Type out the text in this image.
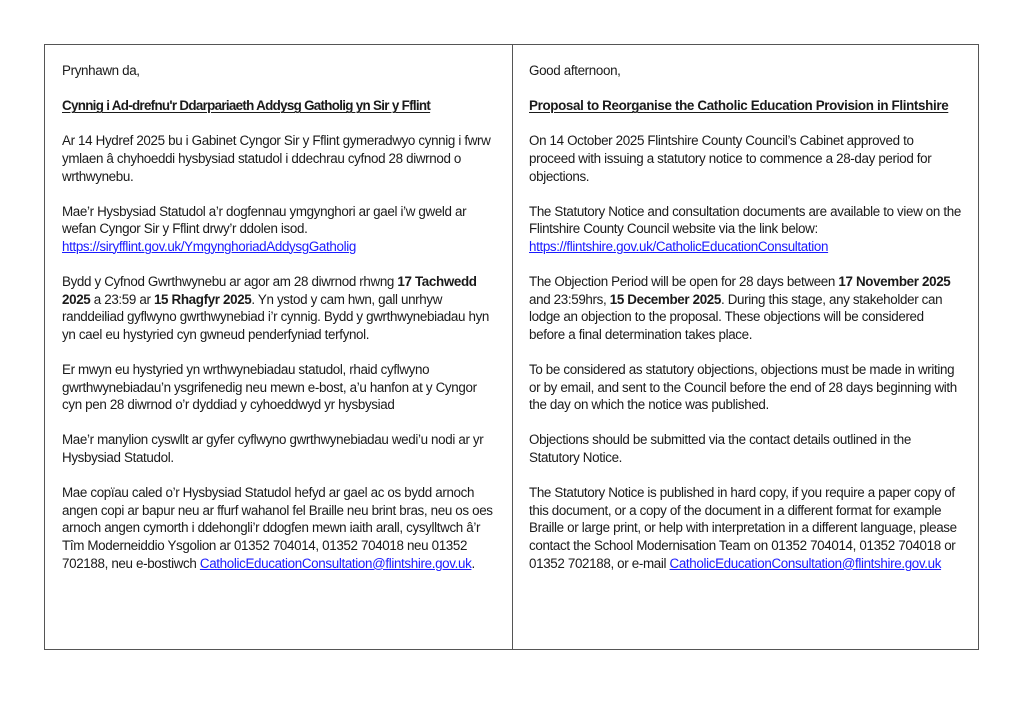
Prynhawn da,

Cynnig i Ad-drefnu'r Ddarpariaeth Addysg Gatholig yn Sir y Fflint

Ar 14 Hydref 2025 bu i Gabinet Cyngor Sir y Fflint gymeradwyo cynnig i fwrw ymlaen â chyhoeddi hysbysiad statudol i ddechrau cyfnod 28 diwrnod o wrthwynebu.

Mae’r Hysbysiad Statudol a’r dogfennau ymgynghori ar gael i’w gweld ar wefan Cyngor Sir y Fflint drwy’r ddolen isod.
https://siryfflint.gov.uk/YmgynghoriadAddysgGatholig

Bydd y Cyfnod Gwrthwynebu ar agor am 28 diwrnod rhwng 17 Tachwedd 2025 a 23:59 ar 15 Rhagfyr 2025. Yn ystod y cam hwn, gall unrhyw randdeiliad gyflwyno gwrthwynebiad i’r cynnig. Bydd y gwrthwynebiadau hyn yn cael eu hystyried cyn gwneud penderfyniad terfynol.

Er mwyn eu hystyried yn wrthwynebiadau statudol, rhaid cyflwyno gwrthwynebiadau’n ysgrifenedig neu mewn e-bost, a’u hanfon at y Cyngor cyn pen 28 diwrnod o’r dyddiad y cyhoeddwyd yr hysbysiad

Mae’r manylion cyswllt ar gyfer cyflwyno gwrthwynebiadau wedi’u nodi ar yr Hysbysiad Statudol.

Mae copïau caled o’r Hysbysiad Statudol hefyd ar gael ac os bydd arnoch angen copi ar bapur neu ar ffurf wahanol fel Braille neu brint bras, neu os oes arnoch angen cymorth i ddehongli’r ddogfen mewn iaith arall, cysylltwch â’r Tîm Moderneiddio Ysgolion ar 01352 704014, 01352 704018 neu 01352 702188, neu e-bostiwch CatholicEducationConsultation@flintshire.gov.uk.

Good afternoon,

Proposal to Reorganise the Catholic Education Provision in Flintshire

On 14 October 2025 Flintshire County Council’s Cabinet approved to proceed with issuing a statutory notice to commence a 28-day period for objections.

The Statutory Notice and consultation documents are available to view on the Flintshire County Council website via the link below:
https://flintshire.gov.uk/CatholicEducationConsultation

The Objection Period will be open for 28 days between 17 November 2025 and 23:59hrs, 15 December 2025. During this stage, any stakeholder can lodge an objection to the proposal. These objections will be considered before a final determination takes place.

To be considered as statutory objections, objections must be made in writing or by email, and sent to the Council before the end of 28 days beginning with the day on which the notice was published.

Objections should be submitted via the contact details outlined in the Statutory Notice.

The Statutory Notice is published in hard copy, if you require a paper copy of this document, or a copy of the document in a different format for example Braille or large print, or help with interpretation in a different language, please contact the School Modernisation Team on 01352 704014, 01352 704018 or 01352 702188, or e-mail CatholicEducationConsultation@flintshire.gov.uk
